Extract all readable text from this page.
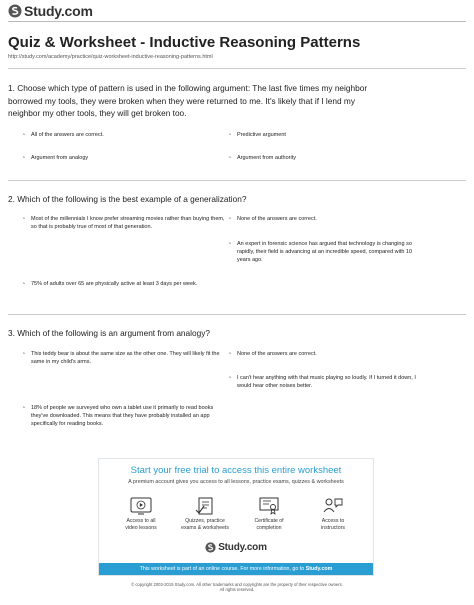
Study.com
Quiz & Worksheet - Inductive Reasoning Patterns
http://study.com/academy/practice/quiz-worksheet-inductive-reasoning-patterns.html
1. Choose which type of pattern is used in the following argument: The last five times my neighbor borrowed my tools, they were broken when they were returned to me. It's likely that if I lend my neighbor my other tools, they will get broken too.
◔	All of the answers are correct.	◔	Predictive argument
◔	Argument from analogy	◔	Argument from authority
2. Which of the following is the best example of a generalization?
◔	Most of the millennials I know prefer streaming movies rather than buying them, so that is probably true of most of that generation.
◔	None of the answers are correct.
◔	An expert in forensic science has argued that technology is changing so rapidly, their field is advancing at an incredible speed, compared with 10 years ago.
◔	75% of adults over 65 are physically active at least 3 days per week.
3. Which of the following is an argument from analogy?
◔	This teddy bear is about the same size as the other one. They will likely fit the same in my child's arms.
◔	None of the answers are correct.
◔	I can't hear anything with that music playing so loudly. If I turned it down, I would hear other noises better.
◔	18% of people we surveyed who own a tablet use it primarily to read books they've downloaded. This means that they have probably installed an app specifically for reading books.
Start your free trial to access this entire worksheet
A premium account gives you access to all lessons, practice exams, quizzes & worksheets
Access to all
video lessons
Quizzes, practice
exams & worksheets
Certificate of
completion
Access to
instructors
Study.com
This worksheet is part of an online course. For more information, go to Study.com
© copyright 2003-2015 Study.com. All other trademarks and copyrights are the property of their respective owners.
All rights reserved.
